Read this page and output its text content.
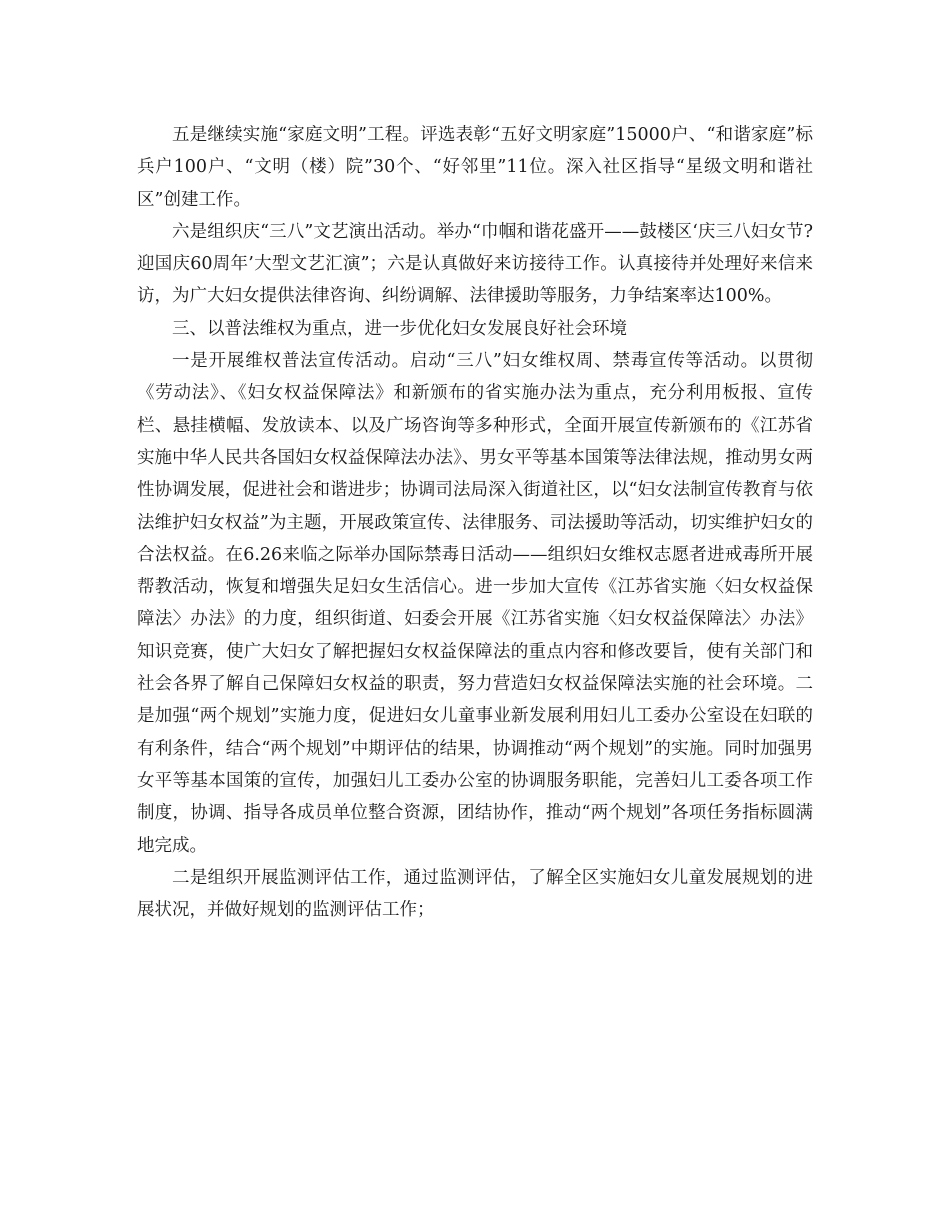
五是继续实施“家庭文明”工程。评选表彰“五好文明家庭”15000户、“和谐家庭”标兵户100户、“文明（楼）院”30个、“好邻里”11位。深入社区指导“星级文明和谐社区”创建工作。

六是组织庆“三八”文艺演出活动。举办“巾帼和谐花盛开——鼓楼区‘庆三八妇女节?迎国庆60周年’大型文艺汇演”；六是认真做好来访接待工作。认真接待并处理好来信来访，为广大妇女提供法律咨询、纠纷调解、法律援助等服务，力争结案率达100%。

三、以普法维权为重点，进一步优化妇女发展良好社会环境

一是开展维权普法宣传活动。启动“三八”妇女维权周、禁毒宣传等活动。以贯彻《劳动法》、《妇女权益保障法》和新颁布的省实施办法为重点，充分利用板报、宣传栏、悬挂横幅、发放读本、以及广场咨询等多种形式，全面开展宣传新颁布的《江苏省实施中华人民共各国妇女权益保障法办法》、男女平等基本国策等法律法规，推动男女两性协调发展，促进社会和谐进步；协调司法局深入街道社区，以“妇女法制宣传教育与依法维护妇女权益”为主题，开展政策宣传、法律服务、司法援助等活动，切实维护妇女的合法权益。在6.26来临之际举办国际禁毒日活动——组织妇女维权志愿者进戒毒所开展帮教活动，恢复和增强失足妇女生活信心。进一步加大宣传《江苏省实施〈妇女权益保障法〉办法》的力度，组织街道、妇委会开展《江苏省实施〈妇女权益保障法〉办法》知识竞赛，使广大妇女了解把握妇女权益保障法的重点内容和修改要旨，使有关部门和社会各界了解自己保障妇女权益的职责，努力营造妇女权益保障法实施的社会环境。二是加强“两个规划”实施力度，促进妇女儿童事业新发展利用妇儿工委办公室设在妇联的有利条件，结合“两个规划”中期评估的结果，协调推动“两个规划”的实施。同时加强男女平等基本国策的宣传，加强妇儿工委办公室的协调服务职能，完善妇儿工委各项工作制度，协调、指导各成员单位整合资源，团结协作，推动“两个规划”各项任务指标圆满地完成。

二是组织开展监测评估工作，通过监测评估，了解全区实施妇女儿童发展规划的进展状况，并做好规划的监测评估工作；
